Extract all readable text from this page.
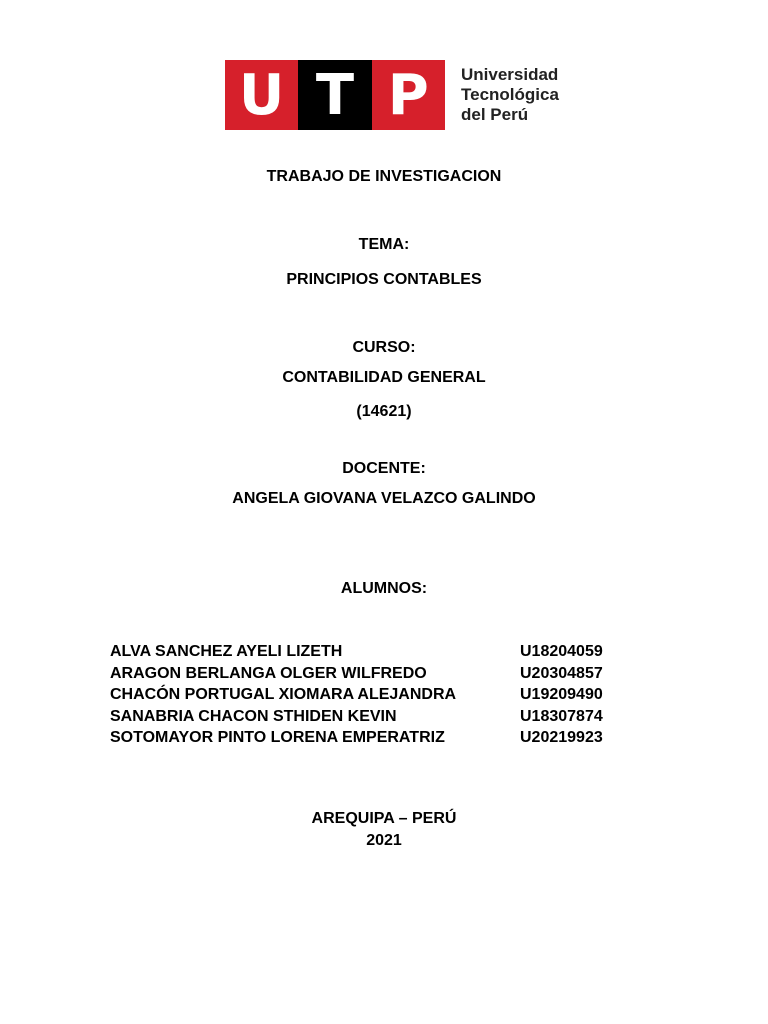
U T P	Universidad
Tecnológica
del Perú
TRABAJO DE INVESTIGACION
TEMA:
PRINCIPIOS CONTABLES
CURSO:
CONTABILIDAD GENERAL
(14621)
DOCENTE:
ANGELA GIOVANA VELAZCO GALINDO
ALUMNOS:
ALVA SANCHEZ AYELI LIZETH	U18204059
ARAGON BERLANGA OLGER WILFREDO	U20304857
CHACÓN PORTUGAL XIOMARA ALEJANDRA	U19209490
SANABRIA CHACON STHIDEN KEVIN	U18307874
SOTOMAYOR PINTO LORENA EMPERATRIZ	U20219923
AREQUIPA – PERÚ
2021
